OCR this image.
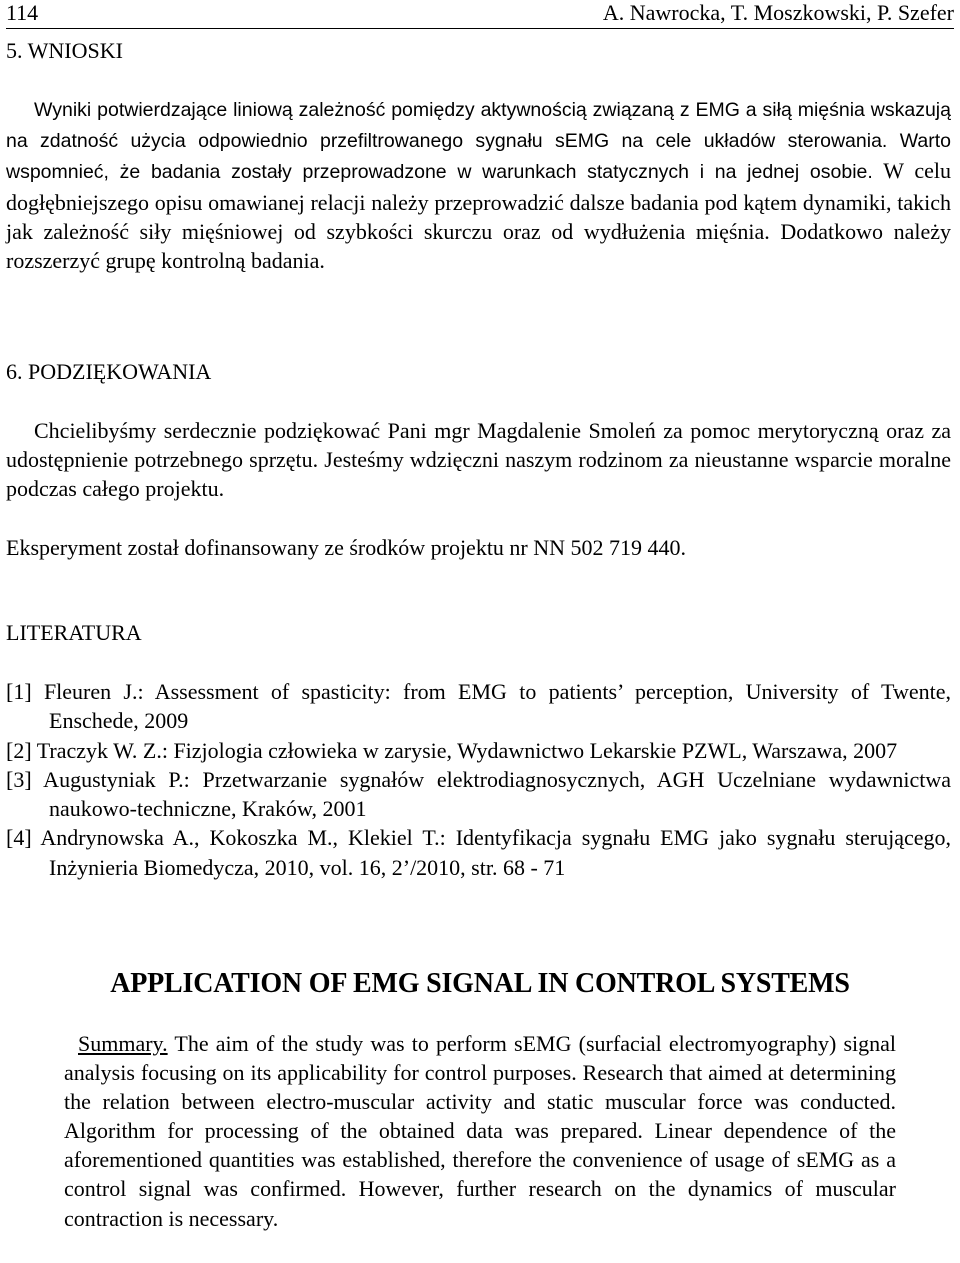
114	A. Nawrocka, T. Moszkowski, P. Szefer
5. WNIOSKI

Wyniki potwierdzające liniową zależność pomiędzy aktywnością związaną z EMG a siłą mięśnia wskazują na zdatność użycia odpowiednio przefiltrowanego sygnału sEMG na cele układów sterowania. Warto wspomnieć, że badania zostały przeprowadzone w warunkach statycznych i na jednej osobie. W celu dogłębniejszego opisu omawianej relacji należy przeprowadzić dalsze badania pod kątem dynamiki, takich jak zależność siły mięśniowej od szybkości skurczu oraz od wydłużenia mięśnia. Dodatkowo należy rozszerzyć grupę kontrolną badania.

6. PODZIĘKOWANIA

Chcielibyśmy serdecznie podziękować Pani mgr Magdalenie Smoleń za pomoc merytoryczną oraz za udostępnienie potrzebnego sprzętu. Jesteśmy wdzięczni naszym rodzinom za nieustanne wsparcie moralne podczas całego projektu.

Eksperyment został dofinansowany ze środków projektu nr NN 502 719 440.

LITERATURA
[1] Fleuren J.: Assessment of spasticity: from EMG to patients’ perception, University of Twente, Enschede, 2009
[2] Traczyk W. Z.: Fizjologia człowieka w zarysie, Wydawnictwo Lekarskie PZWL, Warszawa, 2007
[3] Augustyniak P.: Przetwarzanie sygnałów elektrodiagnosycznych, AGH Uczelniane wydawnictwa naukowo-techniczne, Kraków, 2001
[4] Andrynowska A., Kokoszka M., Klekiel T.: Identyfikacja sygnału EMG jako sygnału sterującego, Inżynieria Biomedycza, 2010, vol. 16, 2’/2010, str. 68 - 71
APPLICATION OF EMG SIGNAL IN CONTROL SYSTEMS

Summary. The aim of the study was to perform sEMG (surfacial electromyography) signal analysis focusing on its applicability for control purposes. Research that aimed at determining the relation between electro-muscular activity and static muscular force was conducted. Algorithm for processing of the obtained data was prepared. Linear dependence of the aforementioned quantities was established, therefore the convenience of usage of sEMG as a control signal was confirmed. However, further research on the dynamics of muscular contraction is necessary.
